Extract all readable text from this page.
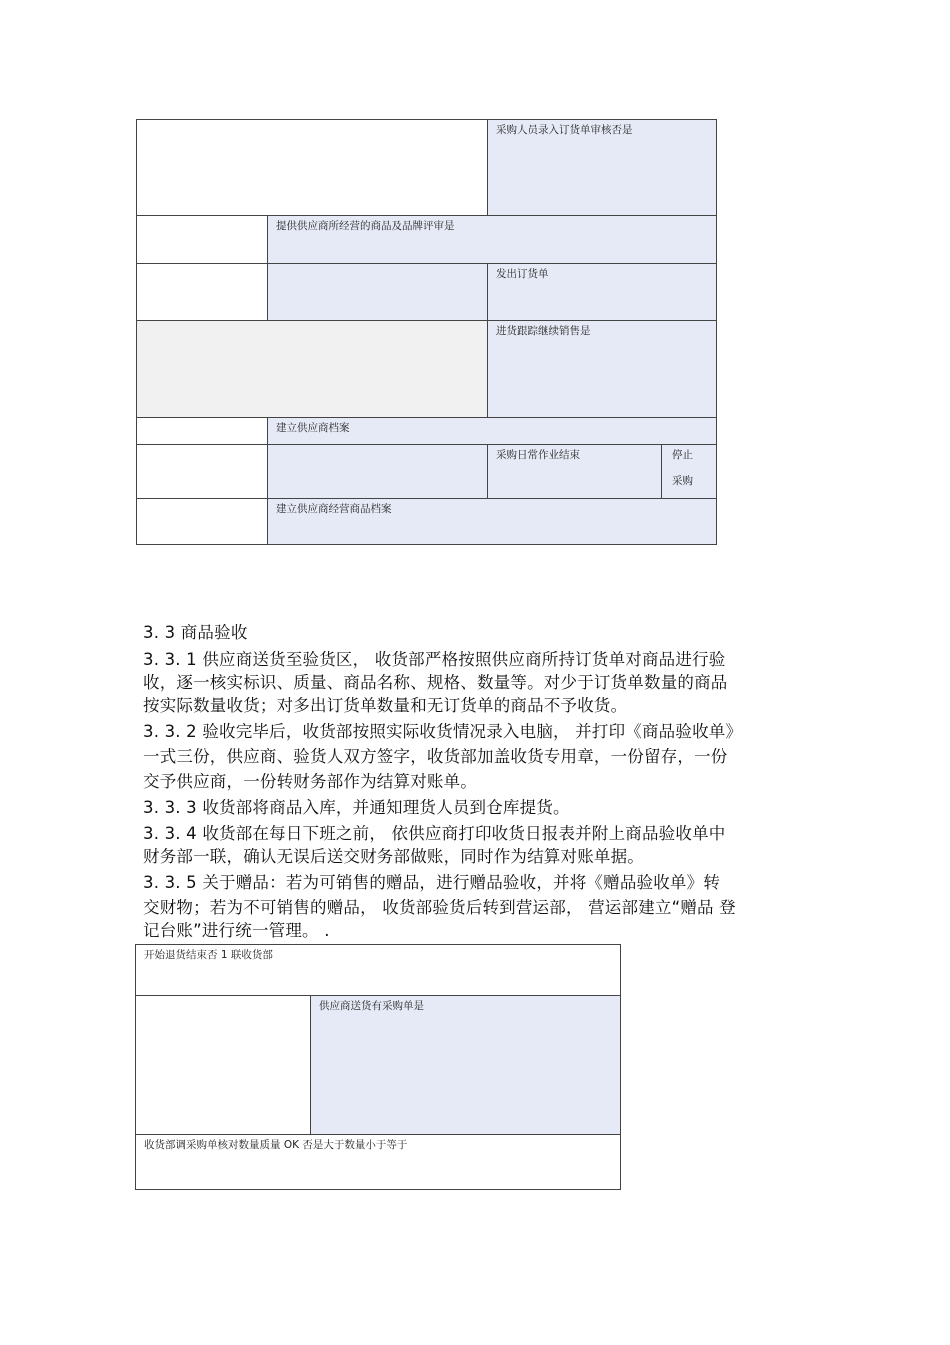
采购人员录入订货单审核否是
提供供应商所经营的商品及品牌评审是
发出订货单
进货跟踪继续销售是
建立供应商档案
采购日常作业结束	停止
采购
建立供应商经营商品档案
3. 3 商品验收
3. 3. 1 供应商送货至验货区， 收货部严格按照供应商所持订货单对商品进行验
收，逐一核实标识、质量、商品名称、规格、数量等。对少于订货单数量的商品
按实际数量收货；对多出订货单数量和无订货单的商品不予收货。
3. 3. 2 验收完毕后，收货部按照实际收货情况录入电脑， 并打印《商品验收单》
一式三份，供应商、验货人双方签字，收货部加盖收货专用章，一份留存，一份
交予供应商，一份转财务部作为结算对账单。
3. 3. 3 收货部将商品入库，并通知理货人员到仓库提货。
3. 3. 4 收货部在每日下班之前， 依供应商打印收货日报表并附上商品验收单中
财务部一联，确认无误后送交财务部做账，同时作为结算对账单据。
3. 3. 5 关于赠品：若为可销售的赠品，进行赠品验收，并将《赠品验收单》转
交财物；若为不可销售的赠品， 收货部验货后转到营运部， 营运部建立“赠品 登
记台账”进行统一管理。 .
开始退货结束否 1 联收货部
供应商送货有采购单是
收货部调采购单核对数量质量 OK 否是大于数量小于等于
